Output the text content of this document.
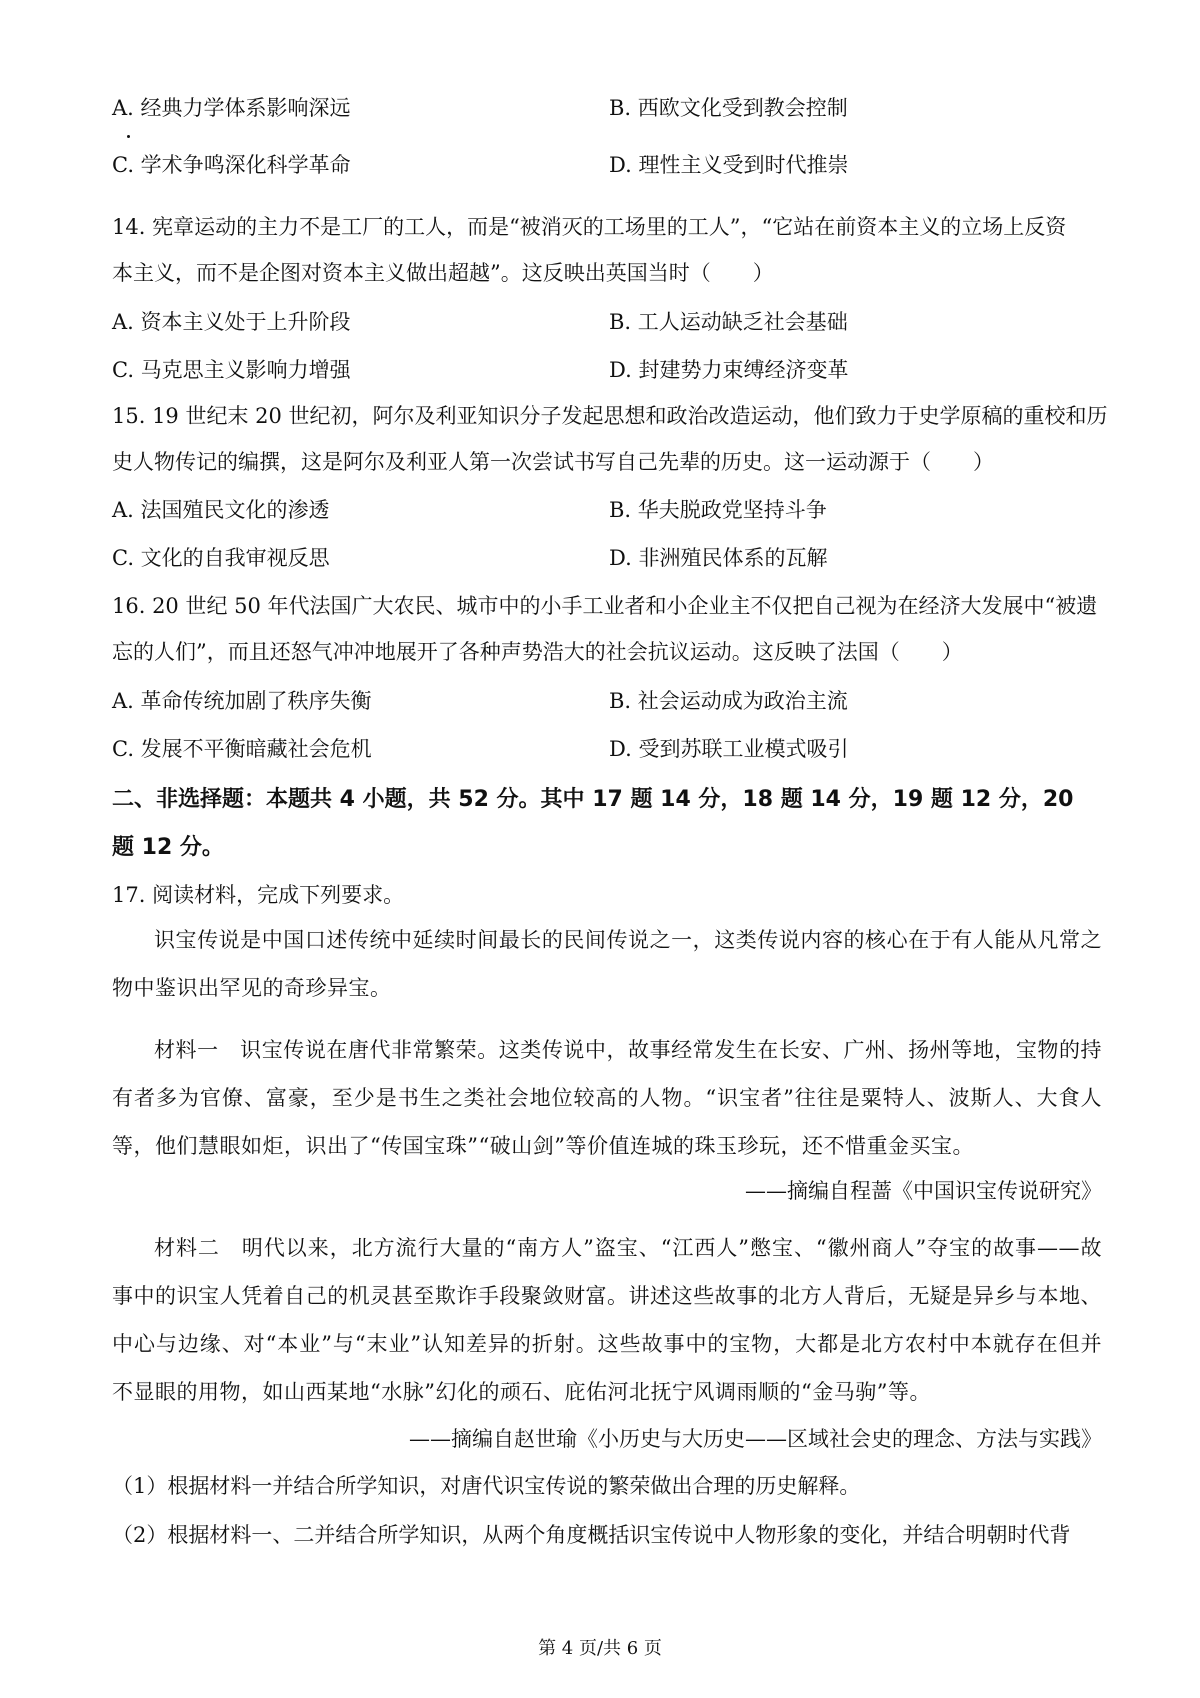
A. 经典力学体系影响深远	B. 西欧文化受到教会控制
C. 学术争鸣深化科学革命	D. 理性主义受到时代推崇
14. 宪章运动的主力不是工厂的工人，而是“被消灭的工场里的工人”，“它站在前资本主义的立场上反资
本主义，而不是企图对资本主义做出超越”。这反映出英国当时（　　）
A. 资本主义处于上升阶段	B. 工人运动缺乏社会基础
C. 马克思主义影响力增强	D. 封建势力束缚经济变革
15. 19 世纪末 20 世纪初，阿尔及利亚知识分子发起思想和政治改造运动，他们致力于史学原稿的重校和历
史人物传记的编撰，这是阿尔及利亚人第一次尝试书写自己先辈的历史。这一运动源于（　　）
A. 法国殖民文化的渗透	B. 华夫脱政党坚持斗争
C. 文化的自我审视反思	D. 非洲殖民体系的瓦解
16. 20 世纪 50 年代法国广大农民、城市中的小手工业者和小企业主不仅把自己视为在经济大发展中“被遗
忘的人们”，而且还怒气冲冲地展开了各种声势浩大的社会抗议运动。这反映了法国（　　）
A. 革命传统加剧了秩序失衡	B. 社会运动成为政治主流
C. 发展不平衡暗藏社会危机	D. 受到苏联工业模式吸引
二、非选择题：本题共 4 小题，共 52 分。其中 17 题 14 分，18 题 14 分，19 题 12 分，20 题 12 分。
17. 阅读材料，完成下列要求。
识宝传说是中国口述传统中延续时间最长的民间传说之一，这类传说内容的核心在于有人能从凡常之物中鉴识出罕见的奇珍异宝。
材料一　识宝传说在唐代非常繁荣。这类传说中，故事经常发生在长安、广州、扬州等地，宝物的持有者多为官僚、富豪，至少是书生之类社会地位较高的人物。“识宝者”往往是粟特人、波斯人、大食人等，他们慧眼如炬，识出了“传国宝珠”“破山剑”等价值连城的珠玉珍玩，还不惜重金买宝。
——摘编自程蔷《中国识宝传说研究》
材料二　明代以来，北方流行大量的“南方人”盗宝、“江西人”憋宝、“徽州商人”夺宝的故事——故事中的识宝人凭着自己的机灵甚至欺诈手段聚敛财富。讲述这些故事的北方人背后，无疑是异乡与本地、中心与边缘、对“本业”与“末业”认知差异的折射。这些故事中的宝物，大都是北方农村中本就存在但并不显眼的用物，如山西某地“水脉”幻化的顽石、庇佑河北抚宁风调雨顺的“金马驹”等。
——摘编自赵世瑜《小历史与大历史——区域社会史的理念、方法与实践》
（1）根据材料一并结合所学知识，对唐代识宝传说的繁荣做出合理的历史解释。
（2）根据材料一、二并结合所学知识，从两个角度概括识宝传说中人物形象的变化，并结合明朝时代背
第 4 页/共 6 页
